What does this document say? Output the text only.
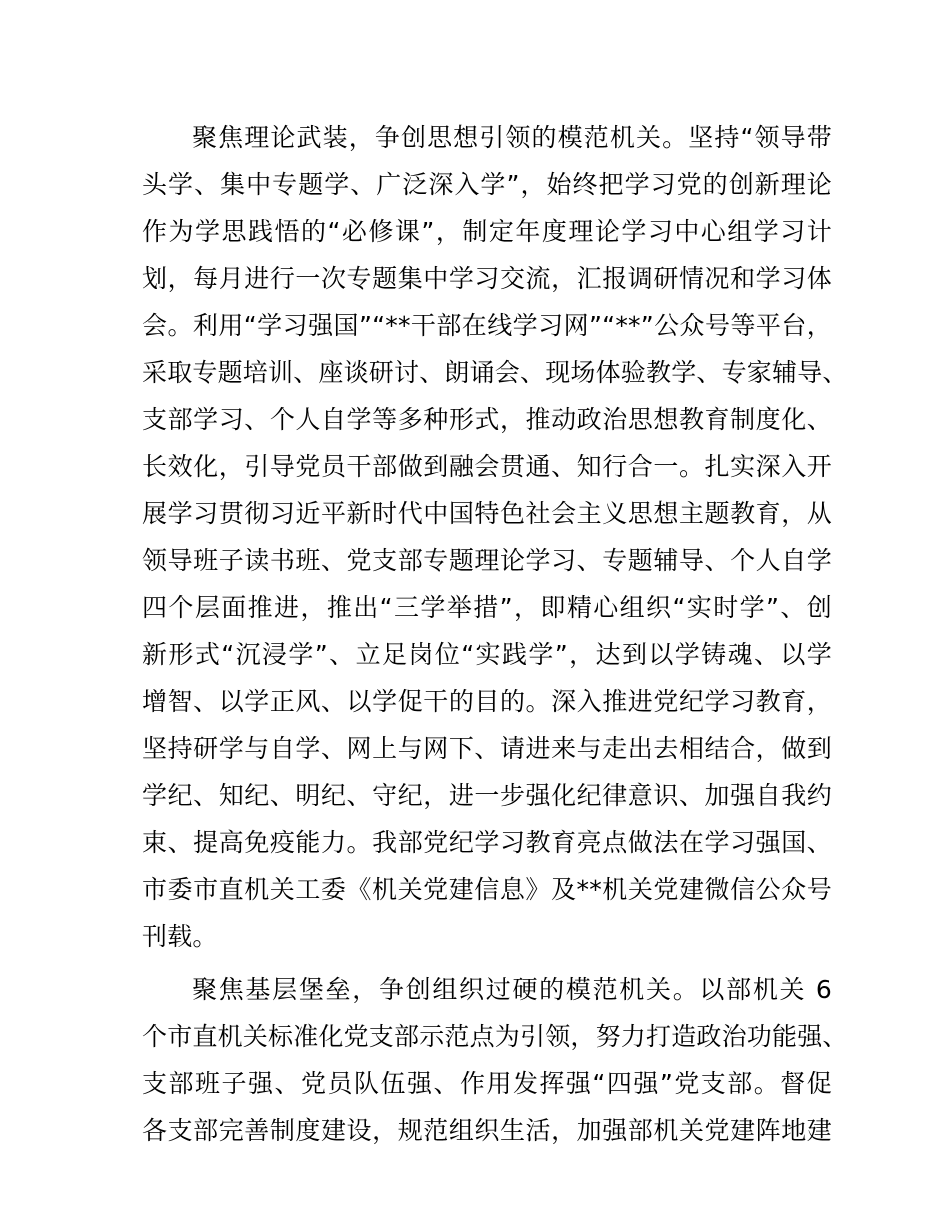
聚焦理论武装，争创思想引领的模范机关。坚持“领导带
头学、集中专题学、广泛深入学”，始终把学习党的创新理论
作为学思践悟的“必修课”，制定年度理论学习中心组学习计
划，每月进行一次专题集中学习交流，汇报调研情况和学习体
会。利用“学习强国”“**干部在线学习网”“**”公众号等平台，
采取专题培训、座谈研讨、朗诵会、现场体验教学、专家辅导、
支部学习、个人自学等多种形式，推动政治思想教育制度化、
长效化，引导党员干部做到融会贯通、知行合一。扎实深入开
展学习贯彻习近平新时代中国特色社会主义思想主题教育，从
领导班子读书班、党支部专题理论学习、专题辅导、个人自学
四个层面推进，推出“三学举措”，即精心组织“实时学”、创
新形式“沉浸学”、立足岗位“实践学”，达到以学铸魂、以学
增智、以学正风、以学促干的目的。深入推进党纪学习教育，
坚持研学与自学、网上与网下、请进来与走出去相结合，做到
学纪、知纪、明纪、守纪，进一步强化纪律意识、加强自我约
束、提高免疫能力。我部党纪学习教育亮点做法在学习强国、
市委市直机关工委《机关党建信息》及**机关党建微信公众号
刊载。
聚焦基层堡垒，争创组织过硬的模范机关。以部机关 6
个市直机关标准化党支部示范点为引领，努力打造政治功能强、
支部班子强、党员队伍强、作用发挥强“四强”党支部。督促
各支部完善制度建设，规范组织生活，加强部机关党建阵地建
